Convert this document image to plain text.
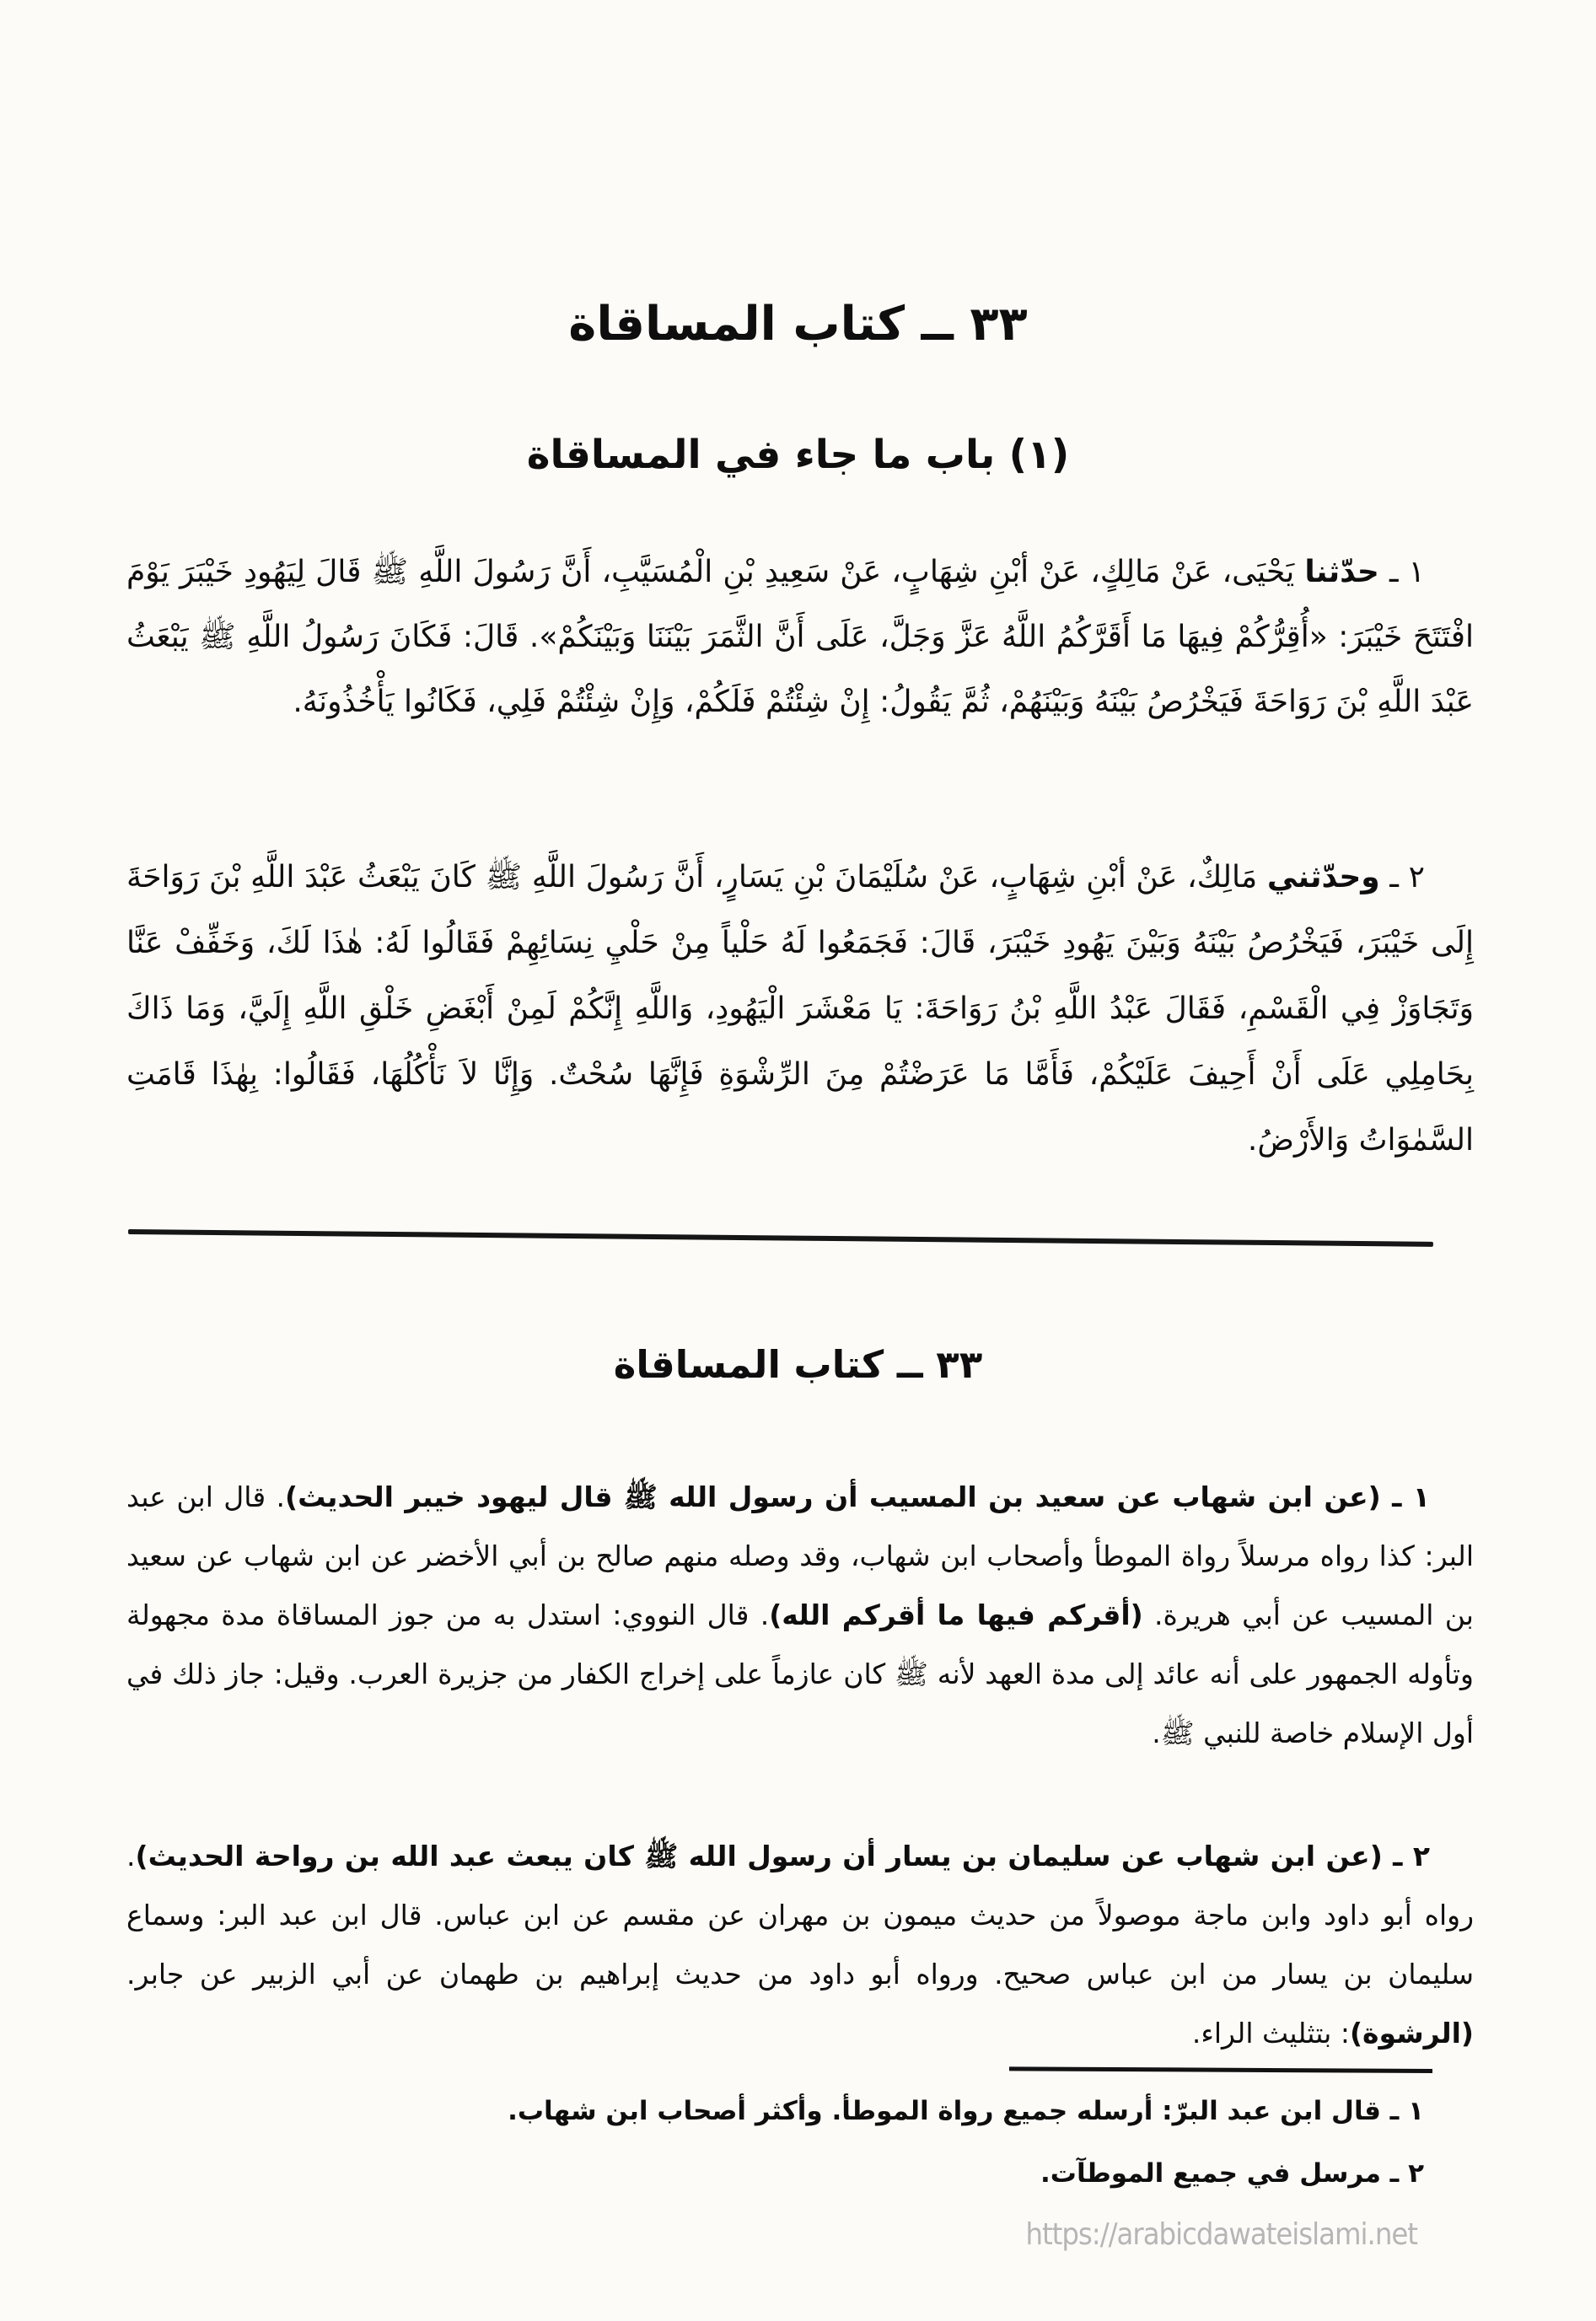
٣٣ ــ كتاب المساقاة
(١) باب ما جاء في المساقاة

١ ـ حدّثنا يَحْيَى، عَنْ مَالِكٍ، عَنْ أبْنِ شِهَابٍ، عَنْ سَعِيدِ بْنِ الْمُسَيَّبِ، أَنَّ رَسُولَ اللَّهِ ﷺ قَالَ لِيَهُودِ خَيْبَرَ يَوْمَ افْتَتَحَ خَيْبَرَ: «أُقِرُّكُمْ فِيهَا مَا أَقَرَّكُمُ اللَّهُ عَزَّ وَجَلَّ، عَلَى أَنَّ الثَّمَرَ بَيْنَنَا وَبَيْنَكُمْ». قَالَ: فَكَانَ رَسُولُ اللَّهِ ﷺ يَبْعَثُ عَبْدَ اللَّهِ بْنَ رَوَاحَةَ فَيَخْرُصُ بَيْنَهُ وَبَيْنَهُمْ، ثُمَّ يَقُولُ: إِنْ شِئْتُمْ فَلَكُمْ، وَإِنْ شِئْتُمْ فَلِي، فَكَانُوا يَأْخُذُونَهُ.

٢ ـ وحدّثني مَالِكٌ، عَنْ أبْنِ شِهَابٍ، عَنْ سُلَيْمَانَ بْنِ يَسَارٍ، أَنَّ رَسُولَ اللَّهِ ﷺ كَانَ يَبْعَثُ عَبْدَ اللَّهِ بْنَ رَوَاحَةَ إِلَى خَيْبَرَ، فَيَخْرُصُ بَيْنَهُ وَبَيْنَ يَهُودِ خَيْبَرَ، قَالَ: فَجَمَعُوا لَهُ حَلْياً مِنْ حَلْيِ نِسَائِهِمْ فَقَالُوا لَهُ: هٰذَا لَكَ، وَخَفِّفْ عَنَّا وَتَجَاوَزْ فِي الْقَسْمِ، فَقَالَ عَبْدُ اللَّهِ بْنُ رَوَاحَةَ: يَا مَعْشَرَ الْيَهُودِ، وَاللَّهِ إِنَّكُمْ لَمِنْ أَبْغَضِ خَلْقِ اللَّهِ إِلَيَّ، وَمَا ذَاكَ بِحَامِلِي عَلَى أَنْ أَحِيفَ عَلَيْكُمْ، فَأَمَّا مَا عَرَضْتُمْ مِنَ الرِّشْوَةِ فَإِنَّهَا سُحْتٌ. وَإِنَّا لاَ نَأْكُلُهَا، فَقَالُوا: بِهٰذَا قَامَتِ السَّمٰوَاتُ وَالأَرْضُ.

٣٣ ــ كتاب المساقاة

١ ـ (عن ابن شهاب عن سعيد بن المسيب أن رسول الله ﷺ قال ليهود خيبر الحديث). قال ابن عبد البر: كذا رواه مرسلاً رواة الموطأ وأصحاب ابن شهاب، وقد وصله منهم صالح بن أبي الأخضر عن ابن شهاب عن سعيد بن المسيب عن أبي هريرة. (أقركم فيها ما أقركم الله). قال النووي: استدل به من جوز المساقاة مدة مجهولة وتأوله الجمهور على أنه عائد إلى مدة العهد لأنه ﷺ كان عازماً على إخراج الكفار من جزيرة العرب. وقيل: جاز ذلك في أول الإسلام خاصة للنبي ﷺ.

٢ ـ (عن ابن شهاب عن سليمان بن يسار أن رسول الله ﷺ كان يبعث عبد الله بن رواحة الحديث). رواه أبو داود وابن ماجة موصولاً من حديث ميمون بن مهران عن مقسم عن ابن عباس. قال ابن عبد البر: وسماع سليمان بن يسار من ابن عباس صحيح. ورواه أبو داود من حديث إبراهيم بن طهمان عن أبي الزبير عن جابر. (الرشوة): بتثليث الراء.

١ ـ قال ابن عبد البرّ: أرسله جميع رواة الموطأ. وأكثر أصحاب ابن شهاب.
٢ ـ مرسل في جميع الموطآت.
https://arabicdawateislami.net
